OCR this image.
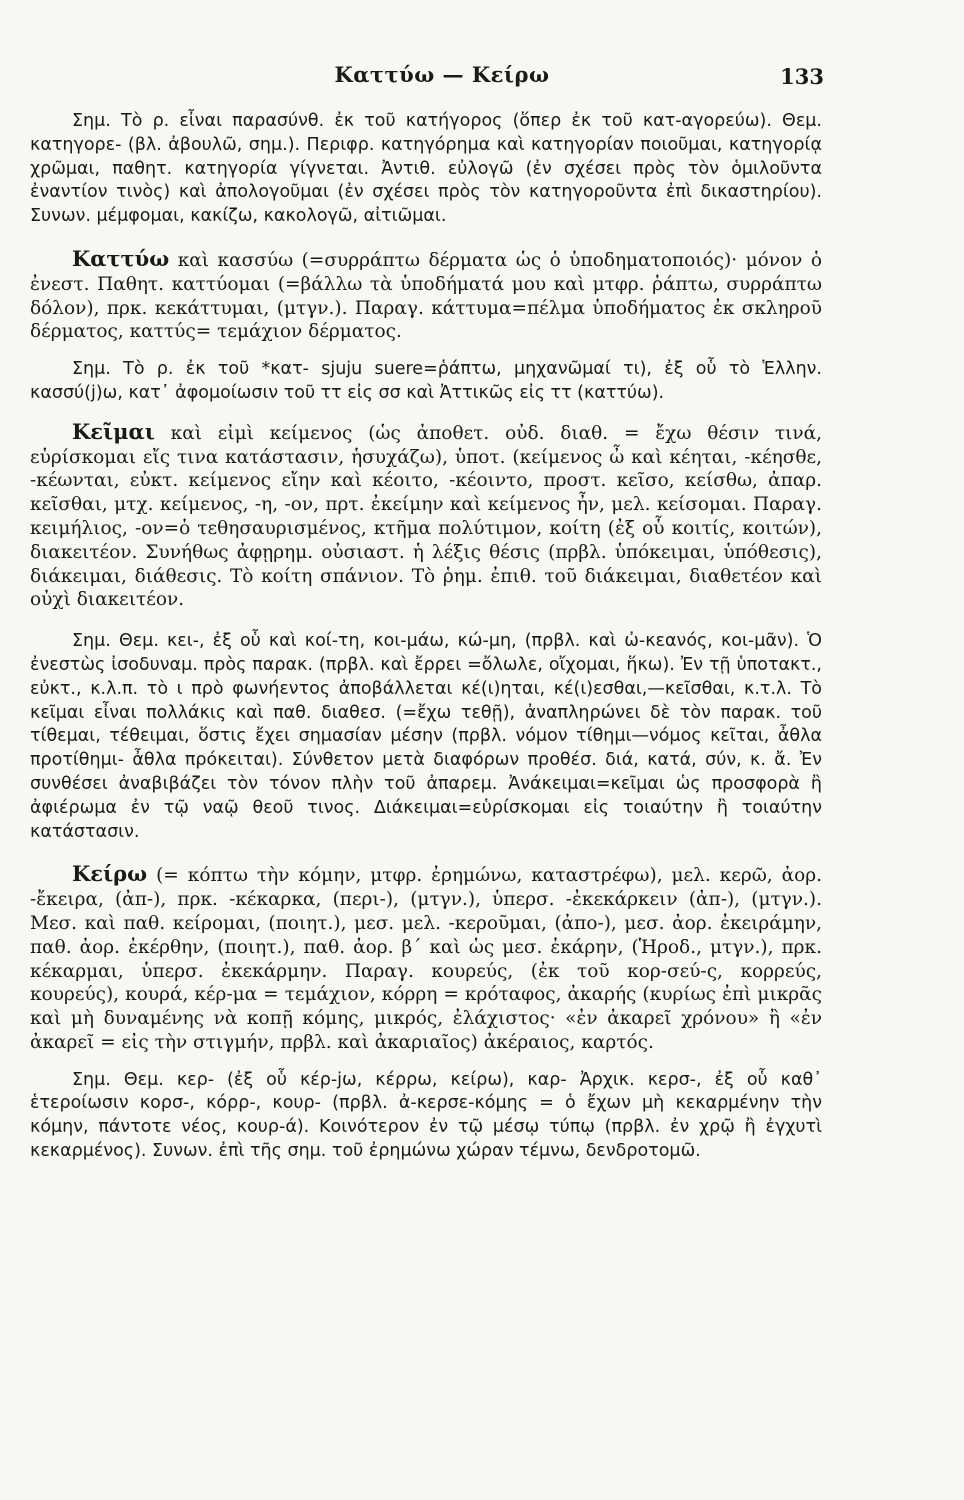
Καττύω — Κείρω	133

Σημ. Τὸ ρ. εἶναι παρασύνθ. ἐκ τοῦ κατήγορος (ὅπερ ἐκ τοῦ κατ-αγορεύω). Θεμ. κατηγορε- (βλ. ἀβουλῶ, σημ.). Περιφρ. κατηγόρημα καὶ κατηγορίαν ποιοῦμαι, κατηγορίᾳ χρῶμαι, παθητ. κατηγορία γίγνεται. Ἀντιθ. εὐλογῶ (ἐν σχέσει πρὸς τὸν ὁμιλοῦντα ἐναντίον τινὸς) καὶ ἀπολογοῦμαι (ἐν σχέσει πρὸς τὸν κατηγοροῦντα ἐπὶ δικαστηρίου). Συνων. μέμφομαι, κακίζω, κακολογῶ, αἰτιῶμαι.

Καττύω καὶ κασσύω (=συρράπτω δέρματα ὡς ὁ ὑποδηματοποιός)· μόνον ὁ ἐνεστ. Παθητ. καττύομαι (=βάλλω τὰ ὑποδήματά μου καὶ μτφρ. ῥάπτω, συρράπτω δόλον), πρκ. κεκάττυμαι, (μτγν.). Παραγ. κάττυμα=πέλμα ὑποδήματος ἐκ σκληροῦ δέρματος, καττύς= τεμάχιον δέρματος.

Σημ. Τὸ ρ. ἐκ τοῦ *κατ- sjuju suere=ῥάπτω, μηχανῶμαί τι), ἐξ οὗ τὸ Ἑλλην. κασσύ(j)ω, κατ᾽ ἀφομοίωσιν τοῦ ττ εἰς σσ καὶ Ἀττικῶς εἰς ττ (καττύω).

Κεῖμαι καὶ εἰμὶ κείμενος (ὡς ἀποθετ. οὐδ. διαθ. = ἔχω θέσιν τινά, εὑρίσκομαι εἴς τινα κατάστασιν, ἡσυχάζω), ὑποτ. (κείμενος ὦ καὶ κέηται, -κέησθε, -κέωνται, εὐκτ. κείμενος εἴην καὶ κέοιτο, -κέοιντο, προστ. κεῖσο, κείσθω, ἀπαρ. κεῖσθαι, μτχ. κείμενος, -η, -ον, πρτ. ἐκείμην καὶ κείμενος ἦν, μελ. κείσομαι. Παραγ. κειμήλιος, -ον=ὁ τεθησαυρισμένος, κτῆμα πολύτιμον, κοίτη (ἐξ οὗ κοιτίς, κοιτών), διακειτέον. Συνήθως ἀφῃρημ. οὐσιαστ. ἡ λέξις θέσις (πρβλ. ὑπόκειμαι, ὑπόθεσις), διάκειμαι, διάθεσις. Τὸ κοίτη σπάνιον. Τὸ ῥημ. ἐπιθ. τοῦ διάκειμαι, διαθετέον καὶ οὐχὶ διακειτέον.

Σημ. Θεμ. κει-, ἐξ οὗ καὶ κοί-τη, κοι-μάω, κώ-μη, (πρβλ. καὶ ὠ-κεανός, κοι-μᾶν). Ὁ ἐνεστὼς ἰσοδυναμ. πρὸς παρακ. (πρβλ. καὶ ἔρρει =ὄλωλε, οἴχομαι, ἥκω). Ἐν τῇ ὑποτακτ., εὐκτ., κ.λ.π. τὸ ι πρὸ φωνήεντος ἀποβάλλεται κέ(ι)ηται, κέ(ι)εσθαι,—κεῖσθαι, κ.τ.λ. Τὸ κεῖμαι εἶναι πολλάκις καὶ παθ. διαθεσ. (=ἔχω τεθῇ), ἀναπληρώνει δὲ τὸν παρακ. τοῦ τίθεμαι, τέθειμαι, ὅστις ἔχει σημασίαν μέσην (πρβλ. νόμον τίθημι—νόμος κεῖται, ἆθλα προτίθημι- ἆθλα πρόκειται). Σύνθετον μετὰ διαφόρων προθέσ. διά, κατά, σύν, κ. ἄ. Ἐν συνθέσει ἀναβιβάζει τὸν τόνον πλὴν τοῦ ἀπαρεμ. Ἀνάκειμαι=κεῖμαι ὡς προσφορὰ ἢ ἀφιέρωμα ἐν τῷ ναῷ θεοῦ τινος. Διάκειμαι=εὑρίσκομαι εἰς τοιαύτην ἢ τοιαύτην κατάστασιν.

Κείρω (= κόπτω τὴν κόμην, μτφρ. ἐρημώνω, καταστρέφω), μελ. κερῶ, ἀορ. -ἔκειρα, (ἀπ-), πρκ. -κέκαρκα, (περι-), (μτγν.), ὑπερσ. -ἐκεκάρκειν (ἀπ-), (μτγν.). Μεσ. καὶ παθ. κείρομαι, (ποιητ.), μεσ. μελ. -κεροῦμαι, (ἀπο-), μεσ. ἀορ. ἐκειράμην, παθ. ἀορ. ἐκέρθην, (ποιητ.), παθ. ἀορ. β΄ καὶ ὡς μεσ. ἐκάρην, (Ἡροδ., μτγν.), πρκ. κέκαρμαι, ὑπερσ. ἐκεκάρμην. Παραγ. κουρεύς, (ἐκ τοῦ κορ-σεύ-ς, κορρεύς, κουρεύς), κουρά, κέρ-μα = τεμάχιον, κόρρη = κρόταφος, ἀκαρής (κυρίως ἐπὶ μικρᾶς καὶ μὴ δυναμένης νὰ κοπῇ κόμης, μικρός, ἐλάχιστος· «ἐν ἀκαρεῖ χρόνου» ἢ «ἐν ἀκαρεῖ = εἰς τὴν στιγμήν, πρβλ. καὶ ἀκαριαῖος) ἀκέραιος, καρτός.

Σημ. Θεμ. κερ- (ἐξ οὗ κέρ-jω, κέρρω, κείρω), καρ- Ἀρχικ. κερσ-, ἐξ οὗ καθ᾽ ἑτεροίωσιν κορσ-, κόρρ-, κουρ- (πρβλ. ἀ-κερσε-κόμης = ὁ ἔχων μὴ κεκαρμένην τὴν κόμην, πάντοτε νέος, κουρ-ά). Κοινότερον ἐν τῷ μέσῳ τύπῳ (πρβλ. ἐν χρῷ ἢ ἐγχυτὶ κεκαρμένος). Συνων. ἐπὶ τῆς σημ. τοῦ ἐρημώνω χώραν τέμνω, δενδροτομῶ.
